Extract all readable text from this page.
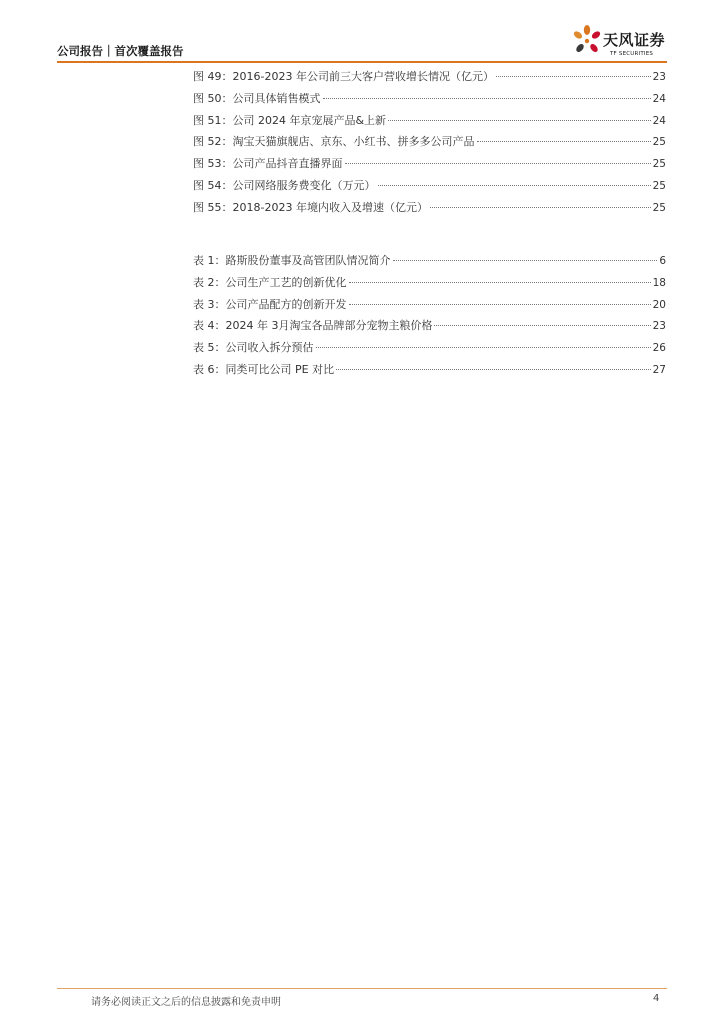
公司报告｜首次覆盖报告
天风证券
TF SECURITIES
图 49：2016-2023 年公司前三大客户营收增长情况（亿元）	23
图 50：公司具体销售模式	24
图 51：公司 2024 年京宠展产品&上新	24
图 52：淘宝天猫旗舰店、京东、小红书、拼多多公司产品	25
图 53：公司产品抖音直播界面	25
图 54：公司网络服务费变化（万元）	25
图 55：2018-2023 年境内收入及增速（亿元）	25
表 1：路斯股份董事及高管团队情况简介	6
表 2：公司生产工艺的创新优化	18
表 3：公司产品配方的创新开发	20
表 4：2024 年 3月淘宝各品牌部分宠物主粮价格	23
表 5：公司收入拆分预估	26
表 6：同类可比公司 PE 对比	27
请务必阅读正文之后的信息披露和免责申明	4
